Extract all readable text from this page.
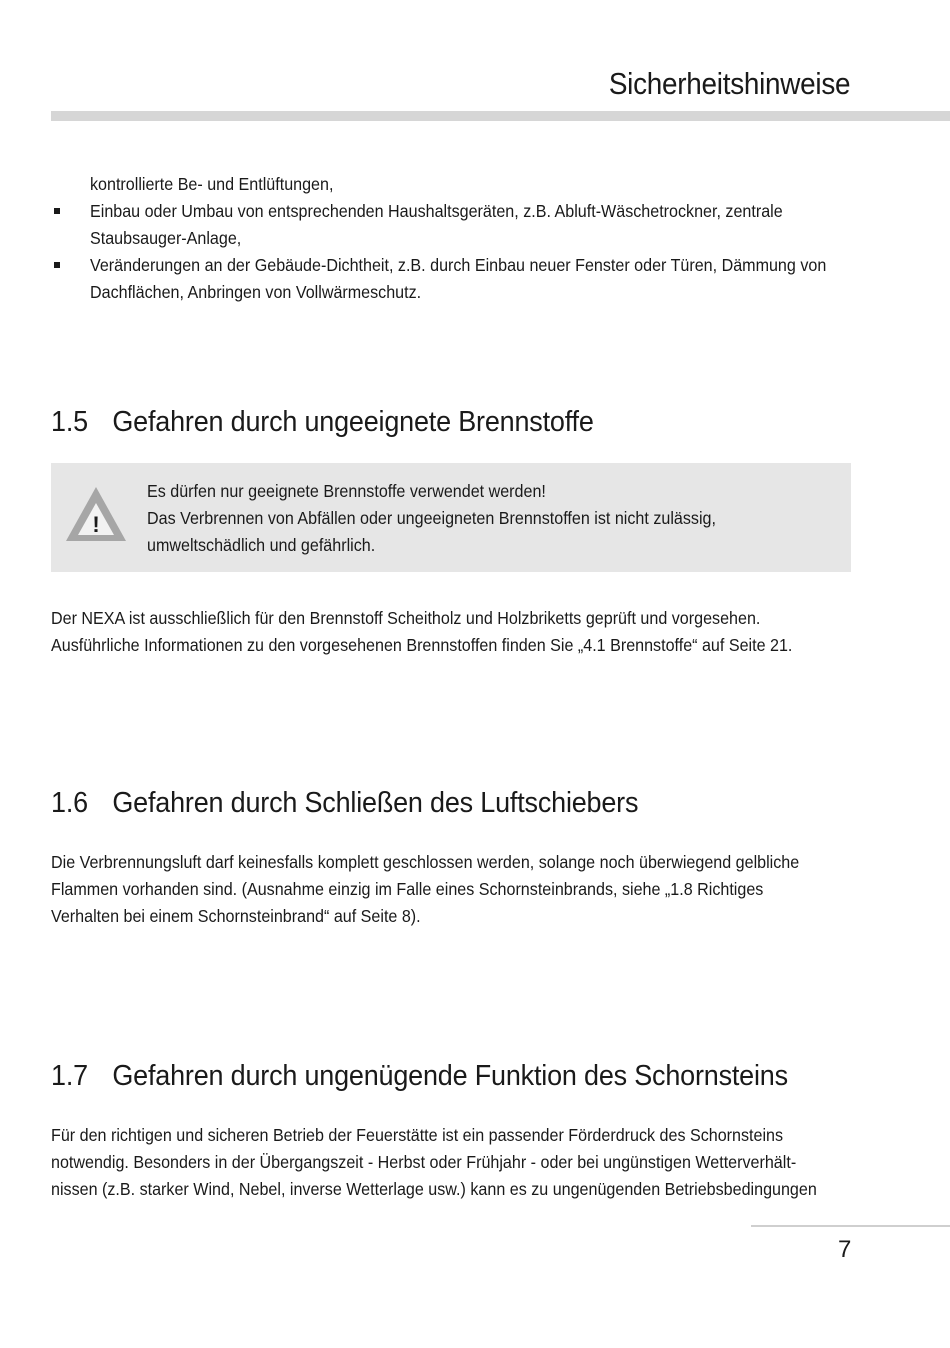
Sicherheitshinweise
kontrollierte Be- und Entlüftungen,
Einbau oder Umbau von entsprechenden Haushaltsgeräten, z.B. Abluft-Wäschetrockner, zentrale
Staubsauger-Anlage,
Veränderungen an der Gebäude-Dichtheit, z.B. durch Einbau neuer Fenster oder Türen, Dämmung von
Dachflächen, Anbringen von Vollwärmeschutz.
1.5 Gefahren durch ungeeignete Brennstoffe
!
Es dürfen nur geeignete Brennstoffe verwendet werden!
Das Verbrennen von Abfällen oder ungeeigneten Brennstoffen ist nicht zulässig,
umweltschädlich und gefährlich.
Der NEXA ist ausschließlich für den Brennstoff Scheitholz und Holzbriketts geprüft und vorgesehen.
Ausführliche Informationen zu den vorgesehenen Brennstoffen finden Sie „4.1 Brennstoffe“ auf Seite 21.
1.6 Gefahren durch Schließen des Luftschiebers
Die Verbrennungsluft darf keinesfalls komplett geschlossen werden, solange noch überwiegend gelbliche
Flammen vorhanden sind. (Ausnahme einzig im Falle eines Schornsteinbrands, siehe „1.8 Richtiges
Verhalten bei einem Schornsteinbrand“ auf Seite 8).
1.7 Gefahren durch ungenügende Funktion des Schornsteins
Für den richtigen und sicheren Betrieb der Feuerstätte ist ein passender Förderdruck des Schornsteins
notwendig. Besonders in der Übergangszeit - Herbst oder Frühjahr - oder bei ungünstigen Wetterverhält-
nissen (z.B. starker Wind, Nebel, inverse Wetterlage usw.) kann es zu ungenügenden Betriebsbedingungen
7
